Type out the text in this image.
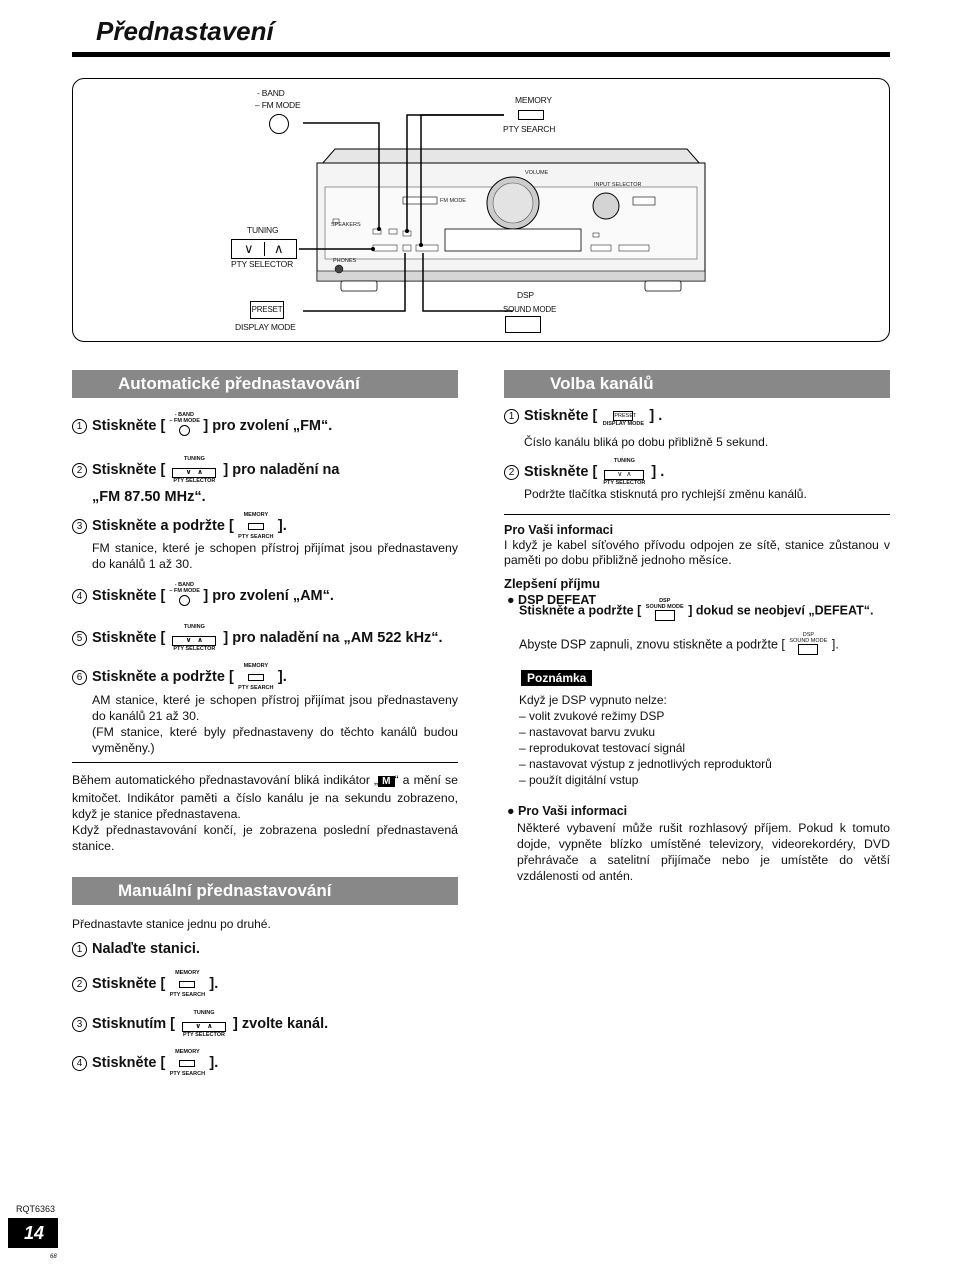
Přednastavení
VOLUME
INPUT SELECTOR
SPEAKERS
PHONES
FM MODE
- BAND
– FM MODE	MEMORY
PTY SEARCH
TUNING
∨ ∧
PTY SELECTOR
PRESET
DISPLAY MODE
DSP
SOUND MODE
Automatické přednastavování
1 Stiskněte [
- BAND
– FM MODE ] pro zvolení „FM“.
2 Stiskněte [
TUNING
∨ ∧
PTY SELECTOR
] pro naladění na
„FM 87.50 MHz“.
3 Stiskněte a podržte [
MEMORY
PTY SEARCH
].
FM stanice, které je schopen přístroj přijímat jsou přednastaveny do kanálů 1 až 30.
4 Stiskněte [
- BAND
– FM MODE ] pro zvolení „AM“.
5 Stiskněte [
TUNING
∨ ∧
PTY SELECTOR
] pro naladění na „AM 522 kHz“.
6 Stiskněte a podržte [
MEMORY
PTY SEARCH
].
AM stanice, které je schopen přístroj přijímat jsou přednastaveny do kanálů 21 až 30.
(FM stanice, které byly přednastaveny do těchto kanálů budou vyměněny.)
Během automatického přednastavování bliká indikátor „ M “ a mění se kmitočet. Indikátor paměti a číslo kanálu je na sekundu zobrazeno, když je stanice přednastavena.
Když přednastavování končí, je zobrazena poslední přednastavená stanice.
Manuální přednastavování
Přednastavte stanice jednu po druhé.
1 Nalaďte stanici.
2 Stiskněte [
MEMORY
PTY SEARCH
].
3 Stisknutím [
TUNING
∨ ∧
PTY SELECTOR
] zvolte kanál.
4 Stiskněte [
MEMORY
PTY SEARCH
].
Volba kanálů
1 Stiskněte [	PRESET
DISPLAY MODE
] .
Číslo kanálu bliká po dobu přibližně 5 sekund.
2 Stiskněte [
TUNING
∨ ∧
PTY SELECTOR
] .
Podržte tlačítka stisknutá pro rychlejší změnu kanálů.
Pro Vaši informaci
I když je kabel síťového přívodu odpojen ze sítě, stanice zůstanou v paměti po dobu přibližně jednoho měsíce.
Zlepšení příjmu
● DSP DEFEAT
Stiskněte a podržte [
DSP
SOUND MODE ] dokud se neobjeví „DEFEAT“.
Abyste DSP zapnuli, znovu stiskněte a podržte [
DSP
SOUND MODE ].
Poznámka
Když je DSP vypnuto nelze:
– volit zvukové režimy DSP
– nastavovat barvu zvuku
– reprodukovat testovací signál
– nastavovat výstup z jednotlivých reproduktorů
– použít digitální vstup
● Pro Vaši informaci
Některé vybavení může rušit rozhlasový příjem. Pokud k tomuto dojde, vypněte blízko umístěné televizory, videorekordéry, DVD přehrávače a satelitní přijímače nebo je umístěte do větší vzdálenosti od antén.
RQT6363
14
68
